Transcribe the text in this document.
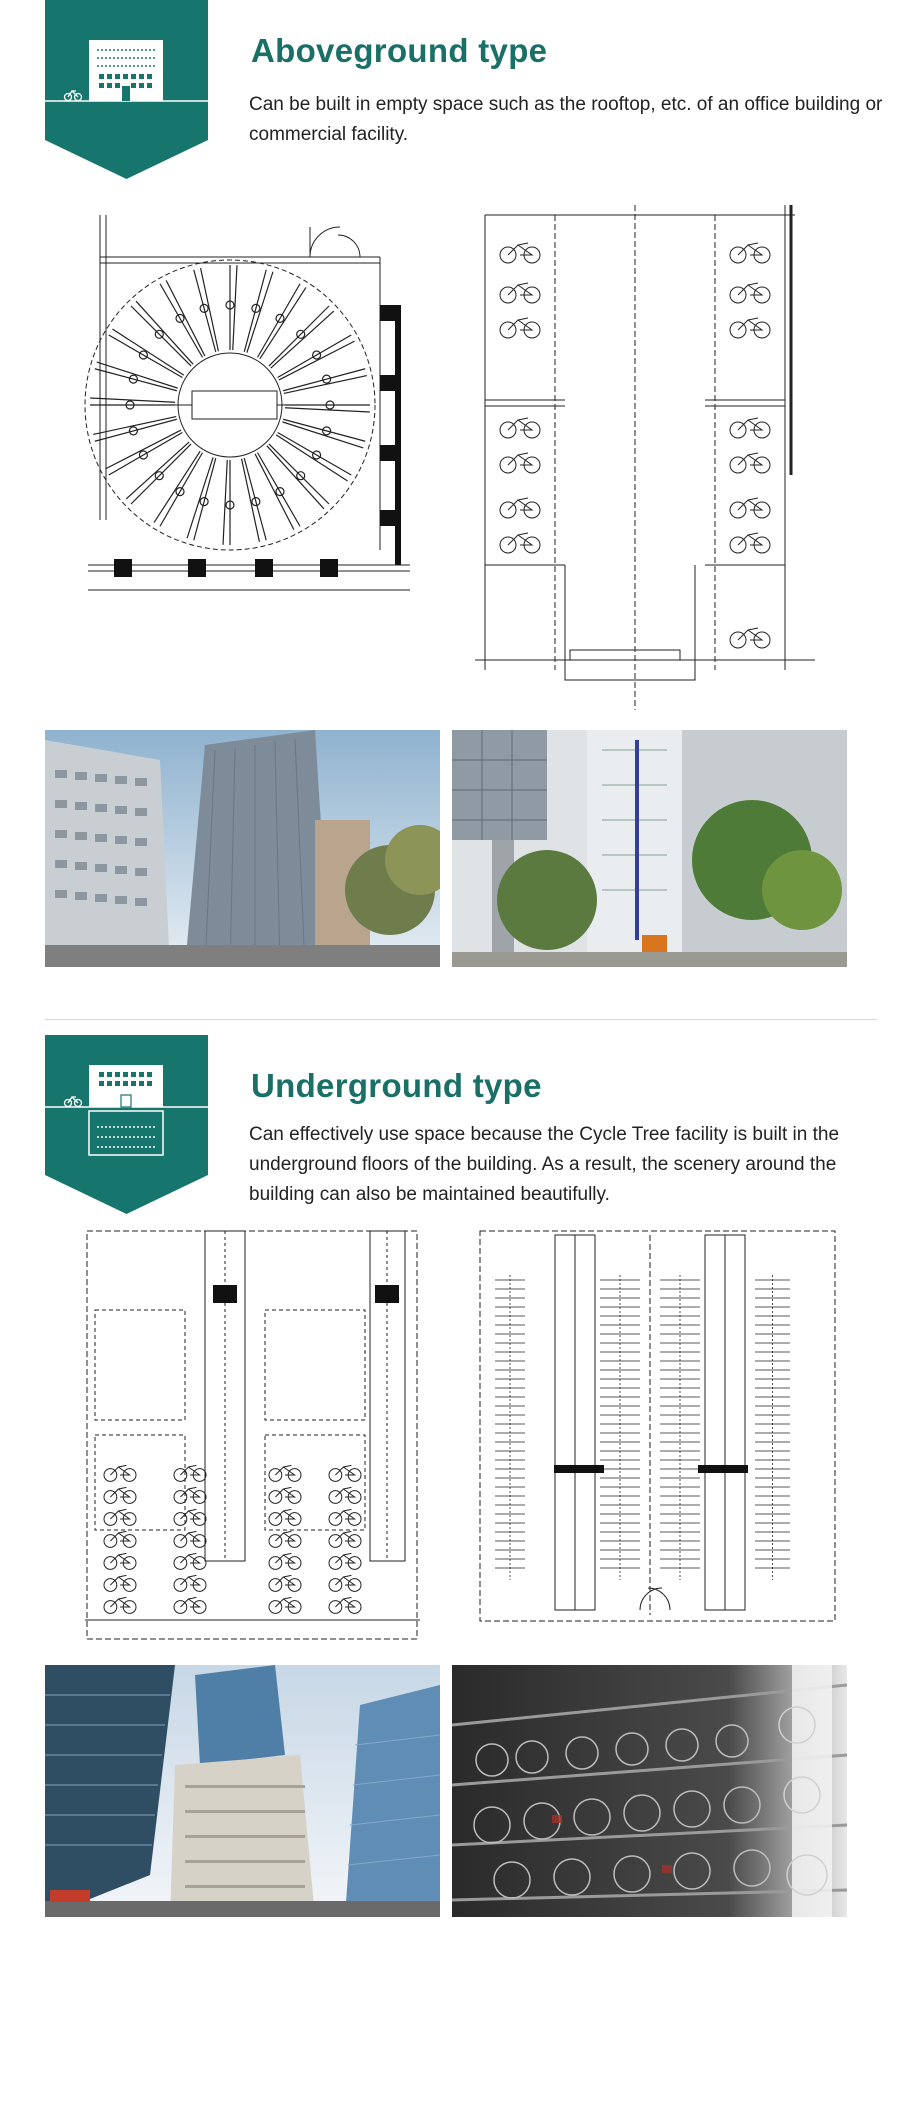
Aboveground type
Can be built in empty space such as the rooftop, etc. of an office building or commercial facility.
Underground type
Can effectively use space because the Cycle Tree facility is built in the underground floors of the building. As a result, the scenery around the building can also be maintained beautifully.
